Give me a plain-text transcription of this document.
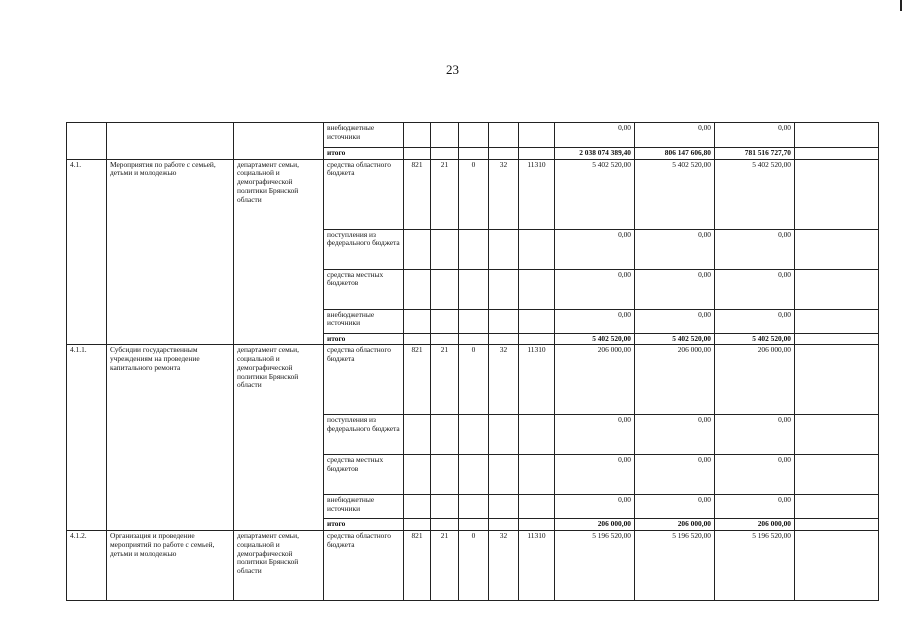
23
			внебюджетные источники						0,00	0,00	0,00	
			итого						2 038 074 389,40	806 147 606,80	781 516 727,70	
4.1.	Мероприятия по работе с семьей, детьми и молодежью	департамент семьи, социальной и демографической политики Брянской области	средства областного бюджета	821	21	0	32	11310	5 402 520,00	5 402 520,00	5 402 520,00	
			поступления из федерального бюджета						0,00	0,00	0,00	
			средства местных бюджетов						0,00	0,00	0,00	
			внебюджетные источники						0,00	0,00	0,00	
			итого						5 402 520,00	5 402 520,00	5 402 520,00	
4.1.1.	Субсидии государственным учреждениям на проведение капитального ремонта	департамент семьи, социальной и демографической политики Брянской области	средства областного бюджета	821	21	0	32	11310	206 000,00	206 000,00	206 000,00	
			поступления из федерального бюджета						0,00	0,00	0,00	
			средства местных бюджетов						0,00	0,00	0,00	
			внебюджетные источники						0,00	0,00	0,00	
			итого						206 000,00	206 000,00	206 000,00	
4.1.2.	Организация и проведение мероприятий по работе с семьей, детьми и молодежью	департамент семьи, социальной и демографической политики Брянской области	средства областного бюджета	821	21	0	32	11310	5 196 520,00	5 196 520,00	5 196 520,00	
